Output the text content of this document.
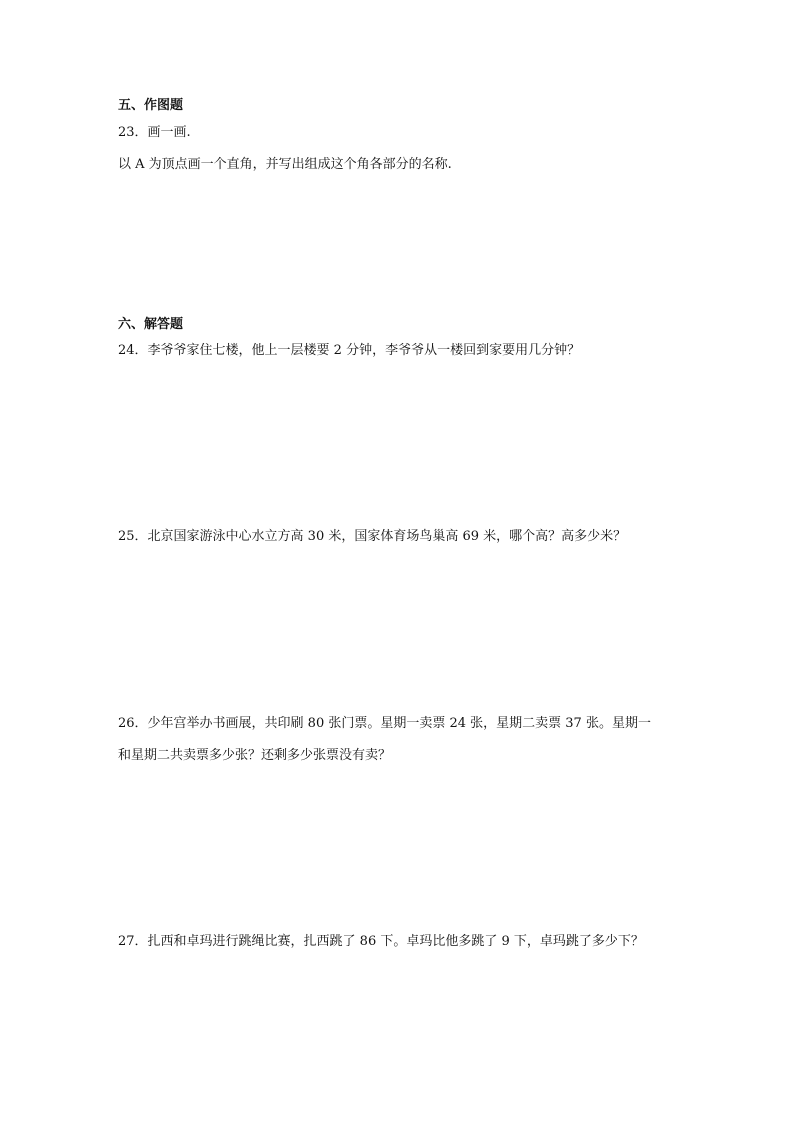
五、作图题
23．画一画.
以 A 为顶点画一个直角，并写出组成这个角各部分的名称.
六、解答题
24．李爷爷家住七楼，他上一层楼要 2 分钟，李爷爷从一楼回到家要用几分钟？
25．北京国家游泳中心水立方高 30 米，国家体育场鸟巢高 69 米，哪个高？高多少米？
26．少年宫举办书画展，共印刷 80 张门票。星期一卖票 24 张，星期二卖票 37 张。星期一
和星期二共卖票多少张？还剩多少张票没有卖？
27．扎西和卓玛进行跳绳比赛，扎西跳了 86 下。卓玛比他多跳了 9 下，卓玛跳了多少下？
